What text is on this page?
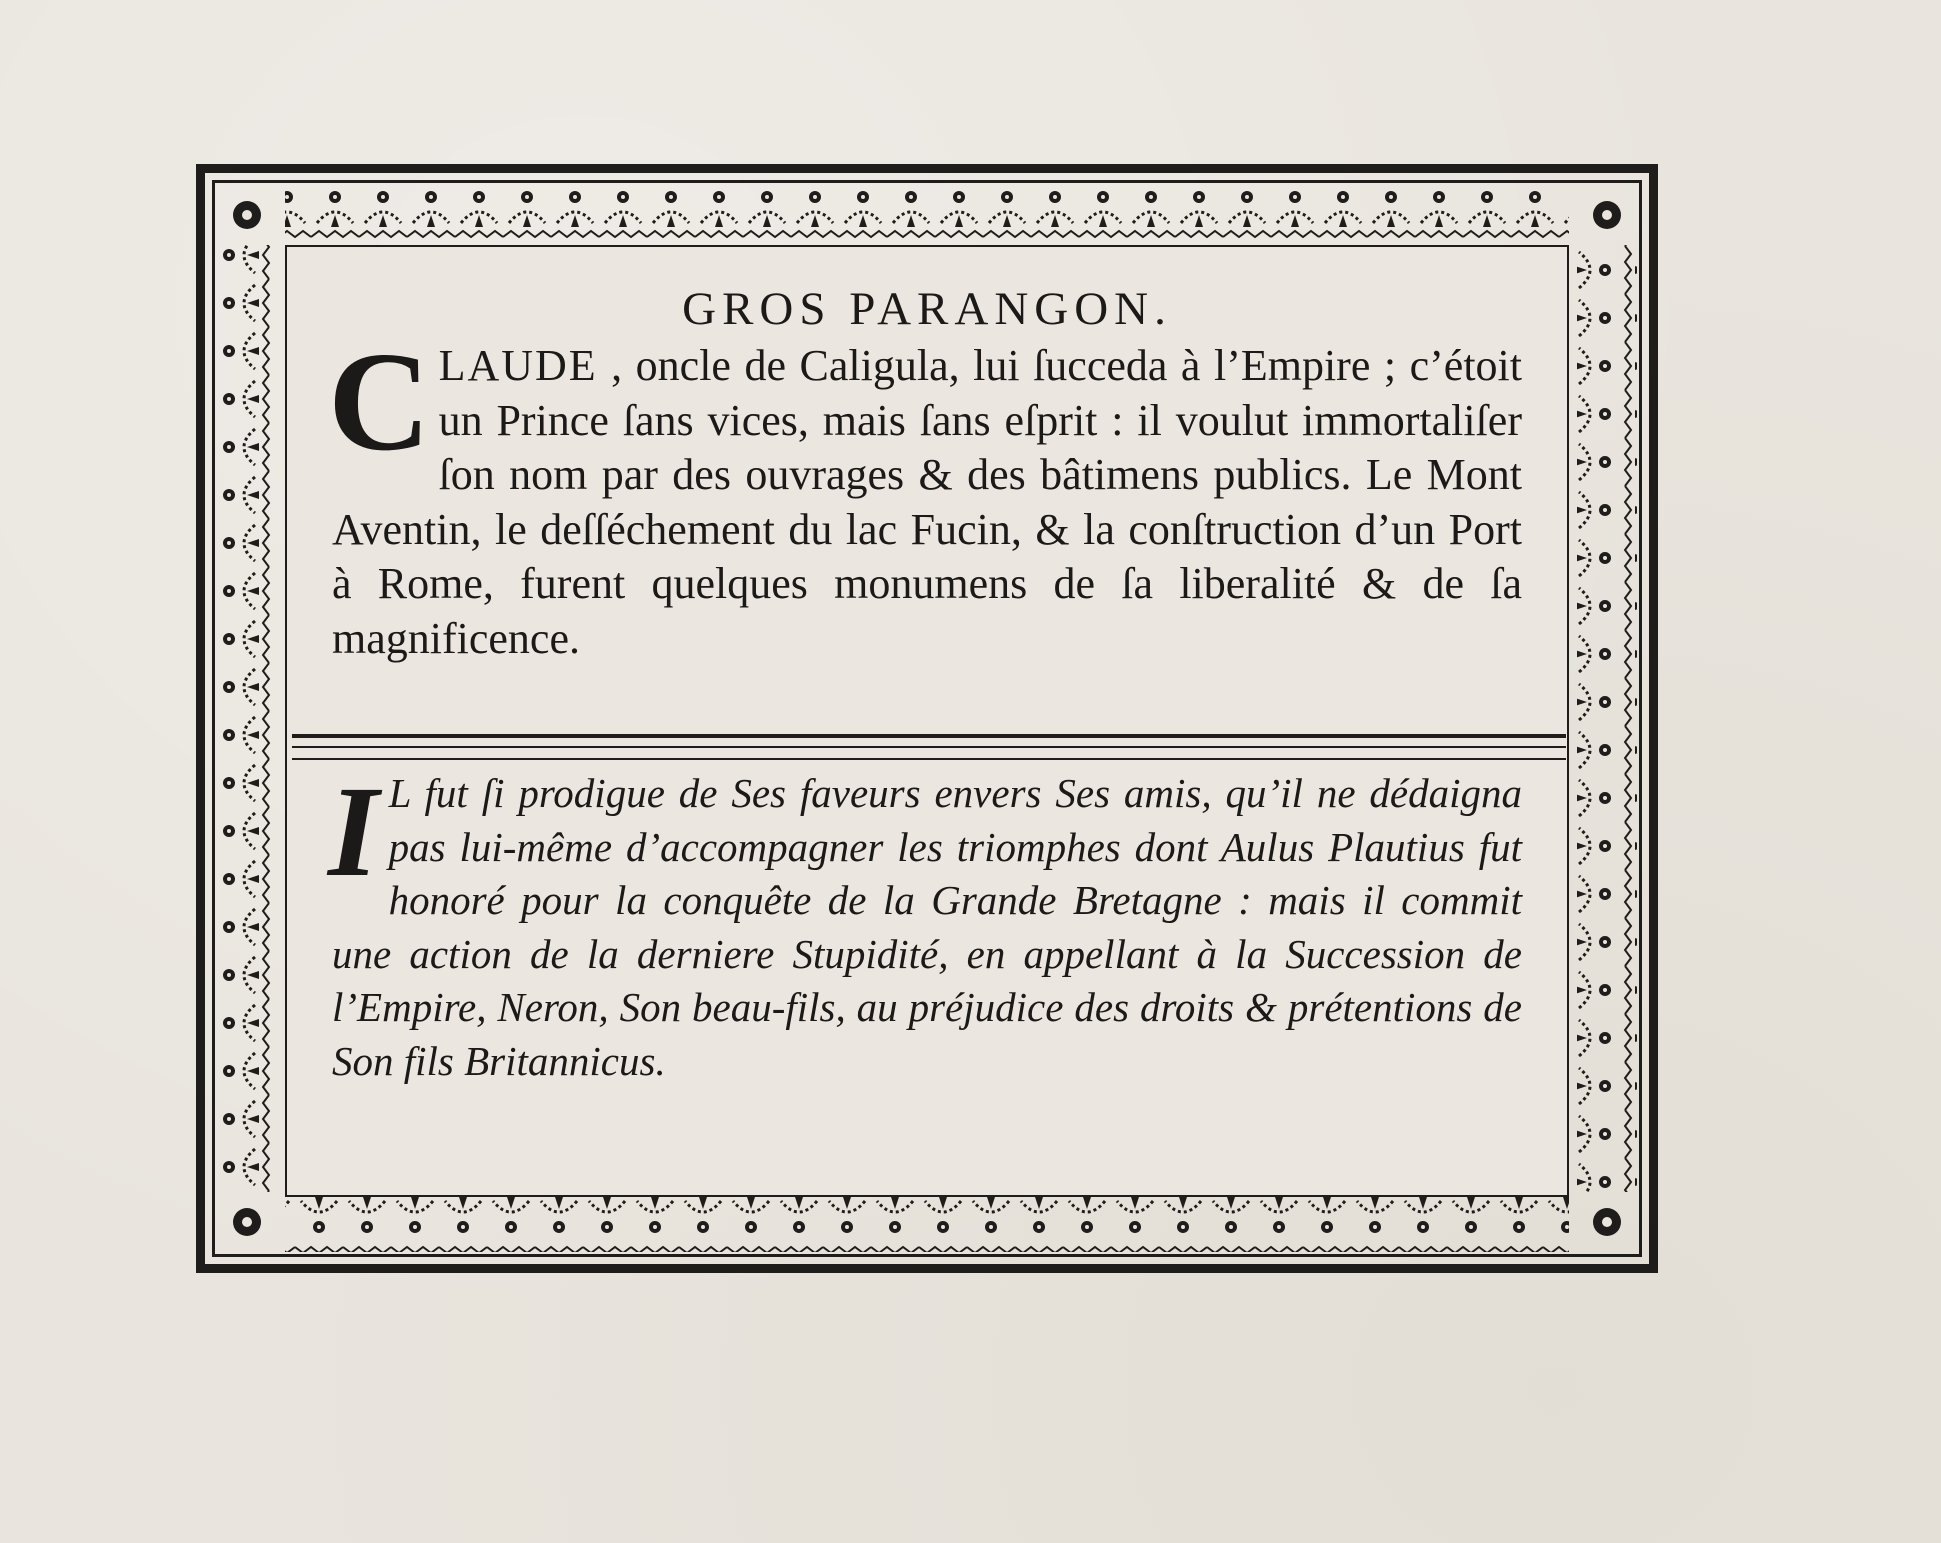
GROS PARANGON.

CLAUDE , oncle de Caligula, lui ſucceda à l’Empire ; c’étoit un Prince ſans vices, mais ſans eſprit : il voulut immortaliſer ſon nom par des ouvrages & des bâtimens publics. Le Mont Aventin, le deſſéchement du lac Fucin, & la conſtruction d’un Port à Rome, furent quelques monumens de ſa liberalité & de ſa magnificence.

I L fut ſi prodigue de Ses faveurs envers Ses amis, qu’il ne dédaigna pas lui-même d’accompagner les triomphes dont Aulus Plautius fut honoré pour la conquête de la Grande Bretagne : mais il commit une action de la derniere Stupidité, en appellant à la Succession de l’Empire, Neron, Son beau-fils, au préjudice des droits & prétentions de Son fils Britannicus.
